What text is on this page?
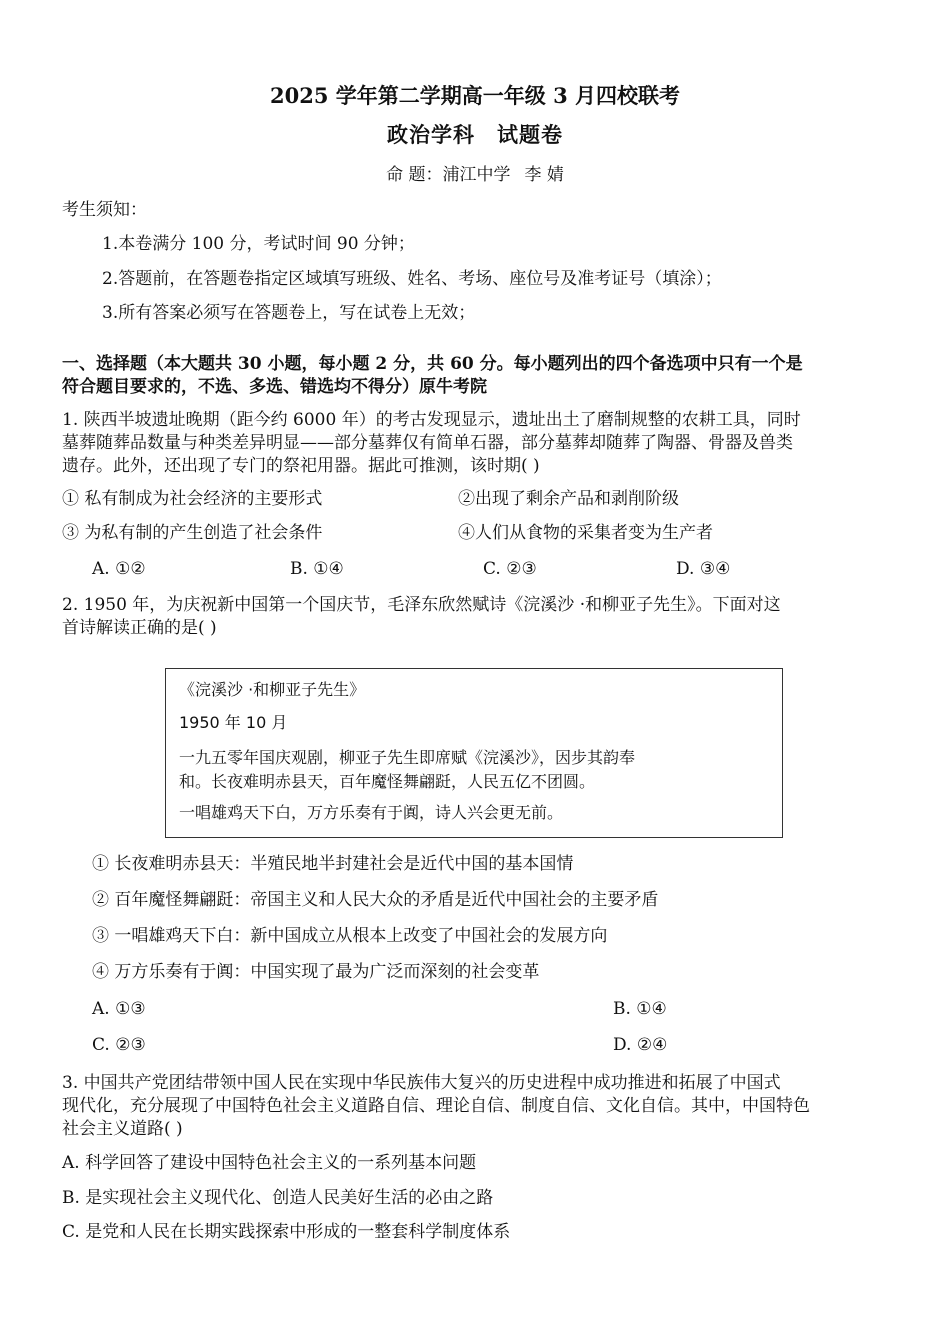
2025 学年第二学期高一年级 3 月四校联考
政治学科 试题卷
命 题：浦江中学 李 婧
考生须知：
1.本卷满分 100 分，考试时间 90 分钟；
2.答题前，在答题卷指定区域填写班级、姓名、考场、座位号及准考证号（填涂）；
3.所有答案必须写在答题卷上，写在试卷上无效；
一、选择题（本大题共 30 小题，每小题 2 分，共 60 分。每小题列出的四个备选项中只有一个是
符合题目要求的，不选、多选、错选均不得分）原牛考院
1. 陕西半坡遗址晚期（距今约 6000 年）的考古发现显示，遗址出土了磨制规整的农耕工具，同时
墓葬随葬品数量与种类差异明显——部分墓葬仅有简单石器，部分墓葬却随葬了陶器、骨器及兽类
遗存。此外，还出现了专门的祭祀用器。据此可推测，该时期( )
① 私有制成为社会经济的主要形式	②出现了剩余产品和剥削阶级
③ 为私有制的产生创造了社会条件	④人们从食物的采集者变为生产者
A. ①②	B. ①④	C. ②③	D. ③④
2. 1950 年，为庆祝新中国第一个国庆节，毛泽东欣然赋诗《浣溪沙 ·和柳亚子先生》。下面对这
首诗解读正确的是( )
《浣溪沙 ·和柳亚子先生》
1950 年 10 月
一九五零年国庆观剧，柳亚子先生即席赋《浣溪沙》，因步其韵奉
和。长夜难明赤县天，百年魔怪舞翩跹，人民五亿不团圆。
一唱雄鸡天下白，万方乐奏有于阗，诗人兴会更无前。
① 长夜难明赤县天：半殖民地半封建社会是近代中国的基本国情
② 百年魔怪舞翩跹：帝国主义和人民大众的矛盾是近代中国社会的主要矛盾
③ 一唱雄鸡天下白：新中国成立从根本上改变了中国社会的发展方向
④ 万方乐奏有于阗：中国实现了最为广泛而深刻的社会变革
A. ①③	B. ①④
C. ②③	D. ②④
3. 中国共产党团结带领中国人民在实现中华民族伟大复兴的历史进程中成功推进和拓展了中国式
现代化，充分展现了中国特色社会主义道路自信、理论自信、制度自信、文化自信。其中，中国特色
社会主义道路( )
A. 科学回答了建设中国特色社会主义的一系列基本问题
B. 是实现社会主义现代化、创造人民美好生活的必由之路
C. 是党和人民在长期实践探索中形成的一整套科学制度体系
